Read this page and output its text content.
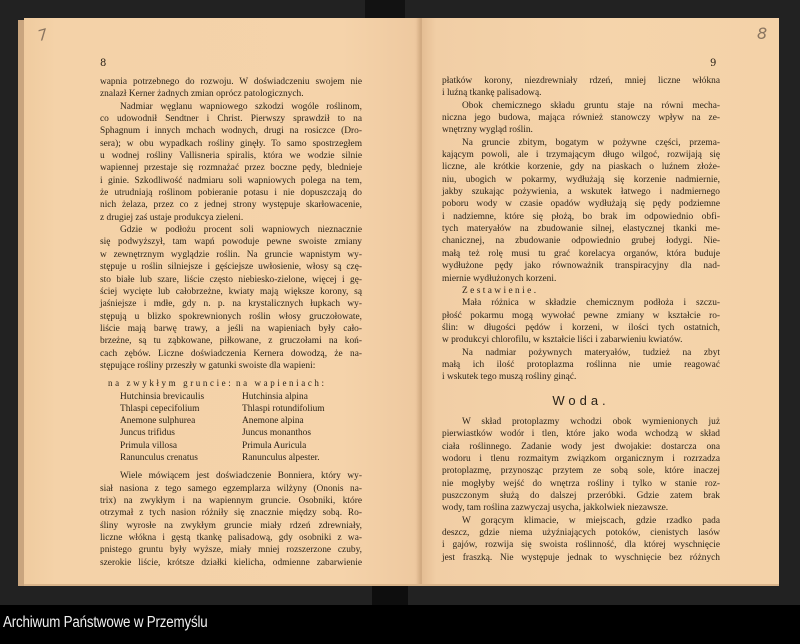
7
8

wapnia potrzebnego do rozwoju. W doświadczeniu swojem nie
znalazł Kerner żadnych zmian oprócz patologicznych.

Nadmiar węglanu wapniowego szkodzi wogóle roślinom,
co udowodnił Sendtner i Christ. Pierwszy sprawdził to na
Sphagnum i innych mchach wodnych, drugi na rosiczce (Dro-
sera); w obu wypadkach rośliny ginęły. To samo spostrzegłem
u wodnej rośliny Vallisneria spiralis, która we wodzie silnie
wapiennej przestaje się rozmnażać przez boczne pędy, blednieje
i ginie. Szkodliwość nadmiaru soli wapniowych polega na tem,
że utrudniają roślinom pobieranie potasu i nie dopuszczają do
nich żelaza, przez co z jednej strony występuje skarłowacenie,
z drugiej zaś ustaje produkcya zieleni.

Gdzie w podłożu procent soli wapniowych nieznacznie
się podwyższył, tam wapń powoduje pewne swoiste zmiany
w zewnętrznym wyglądzie roślin. Na gruncie wapnistym wy-
stępuje u roślin silniejsze i gęściejsze uwłosienie, włosy są czę-
sto białe lub szare, liście często niebiesko-zielone, więcej i gę-
ściej wycięte lub całobrzeżne, kwiaty mają większe korony, są
jaśniejsze i mdłe, gdy n. p. na krystalicznych łupkach wy-
stępują u blizko spokrewnionych roślin włosy gruczołowate,
liście mają barwę trawy, a jeśli na wapieniach były cało-
brzeżne, są tu ząbkowane, piłkowane, z gruczołami na koń-
cach zębów. Liczne doświadczenia Kernera dowodzą, że na-
stępujące rośliny przeszły w gatunki swoiste dla wapieni:

na zwykłym gruncie: na wapieniach:
Hutchinsia brevicaulis	Hutchinsia alpina
Thlaspi cepecifolium	Thlaspi rotundifolium
Anemone sulphurea	Anemone alpina
Juncus trifidus	Juncus monanthos
Primula villosa	Primula Auricula
Ranunculus crenatus	Ranunculus alpester.

Wiele mówiącem jest doświadczenie Bonniera, który wy-
siał nasiona z tego samego egzemplarza wilżyny (Ononis na-
trix) na zwykłym i na wapiennym gruncie. Osobniki, które
otrzymał z tych nasion różniły się znacznie między sobą. Ro-
śliny wyrosłe na zwykłym gruncie miały rdzeń zdrewniały,
liczne włókna i gęstą tkankę palisadową, gdy osobniki z wa-
pnistego gruntu były wyższe, miały mniej rozszerzone czuby,
szerokie liście, krótsze działki kielicha, odmienne zabarwienie

8
9

płatków korony, niezdrewniały rdzeń, mniej liczne włókna
i luźną tkankę palisadową.

Obok chemicznego składu gruntu staje na równi mecha-
niczna jego budowa, mająca również stanowczy wpływ na ze-
wnętrzny wygląd roślin.

Na gruncie zbitym, bogatym w pożywne części, przema-
kającym powoli, ale i trzymającym długo wilgoć, rozwijają się
liczne, ale krótkie korzenie, gdy na piaskach o luźnem złoże-
niu, ubogich w pokarmy, wydłużają się korzenie nadmiernie,
jakby szukając pożywienia, a wskutek łatwego i nadmiernego
poboru wody w czasie opadów wydłużają się pędy podziemne
i nadziemne, które się płożą, bo brak im odpowiednio obfi-
tych materyałów na zbudowanie silnej, elastycznej tkanki me-
chanicznej, na zbudowanie odpowiednio grubej łodygi. Nie-
małą też rolę musi tu grać korelacya organów, która buduje
wydłużone pędy jako równoważnik transpiracyjny dla nad-
miernie wydłużonych korzeni.

Zestawienie.

Mała różnica w składzie chemicznym podłoża i szczu-
płość pokarmu mogą wywołać pewne zmiany w kształcie ro-
ślin: w długości pędów i korzeni, w ilości tych ostatnich,
w produkcyi chlorofilu, w kształcie liści i zabarwieniu kwiatów.

Na nadmiar pożywnych materyałów, tudzież na zbyt
małą ich ilość protoplazma roślinna nie umie reagować
i wskutek tego muszą rośliny ginąć.

Woda.

W skład protoplazmy wchodzi obok wymienionych już
pierwiastków wodór i tlen, które jako woda wchodzą w skład
ciała roślinnego. Zadanie wody jest dwojakie: dostarcza ona
wodoru i tlenu rozmaitym związkom organicznym i rozrzadza
protoplazmę, przynosząc przytem ze sobą sole, które inaczej
nie mogłyby wejść do wnętrza rośliny i tylko w stanie roz-
puszczonym służą do dalszej przeróbki. Gdzie zatem brak
wody, tam roślina zazwyczaj usycha, jakkolwiek niezawsze.

W gorącym klimacie, w miejscach, gdzie rzadko pada
deszcz, gdzie niema użyźniających potoków, cienistych lasów
i gajów, rozwija się swoista roślinność, dla której wyschnięcie
jest fraszką. Nie występuje jednak to wyschnięcie bez różnych

Archiwum Państwowe w Przemyślu
